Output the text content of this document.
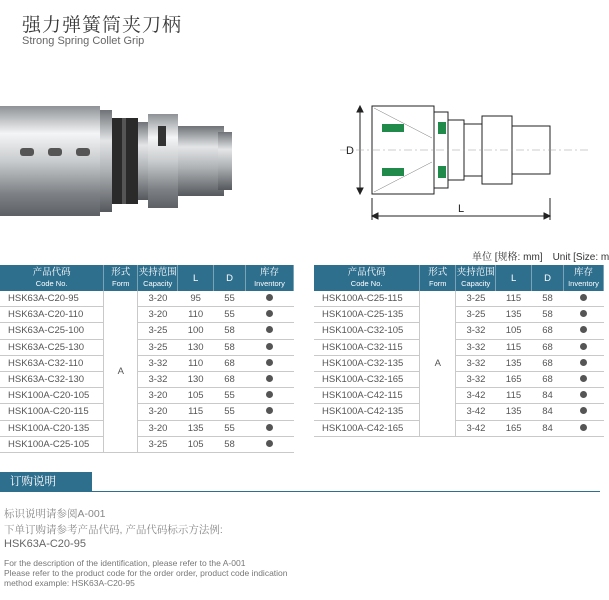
强力弹簧筒夹刀柄
Strong Spring Collet Grip
D
L
单位 [规格: mm] Unit [Size: m
产品代码
Code No.	形式
Form	夹持范围
Capacity	L	D	库存
Inventory

HSK63A-C20-95	A	3-20	95	55	
HSK63A-C20-110		3-20	110	55	
HSK63A-C25-100		3-25	100	58	
HSK63A-C25-130		3-25	130	58	
HSK63A-C32-110		3-32	110	68	
HSK63A-C32-130		3-32	130	68	
HSK100A-C20-105		3-20	105	55	
HSK100A-C20-115		3-20	115	55	
HSK100A-C20-135		3-20	135	55	
HSK100A-C25-105		3-25	105	58	
产品代码
Code No.	形式
Form	夹持范围
Capacity	L	D	库存
Inventory

HSK100A-C25-115	A	3-25	115	58	
HSK100A-C25-135		3-25	135	58	
HSK100A-C32-105		3-32	105	68	
HSK100A-C32-115		3-32	115	68	
HSK100A-C32-135		3-32	135	68	
HSK100A-C32-165		3-32	165	68	
HSK100A-C42-115		3-42	115	84	
HSK100A-C42-135		3-42	135	84	
HSK100A-C42-165		3-42	165	84	
订购说明
标识说明请参阅A-001
下单订购请参考产品代码, 产品代码标示方法例:
HSK63A-C20-95
For the description of the identification, please refer to the A-001
Please refer to the product code for the order order, product code indication
method example: HSK63A-C20-95
